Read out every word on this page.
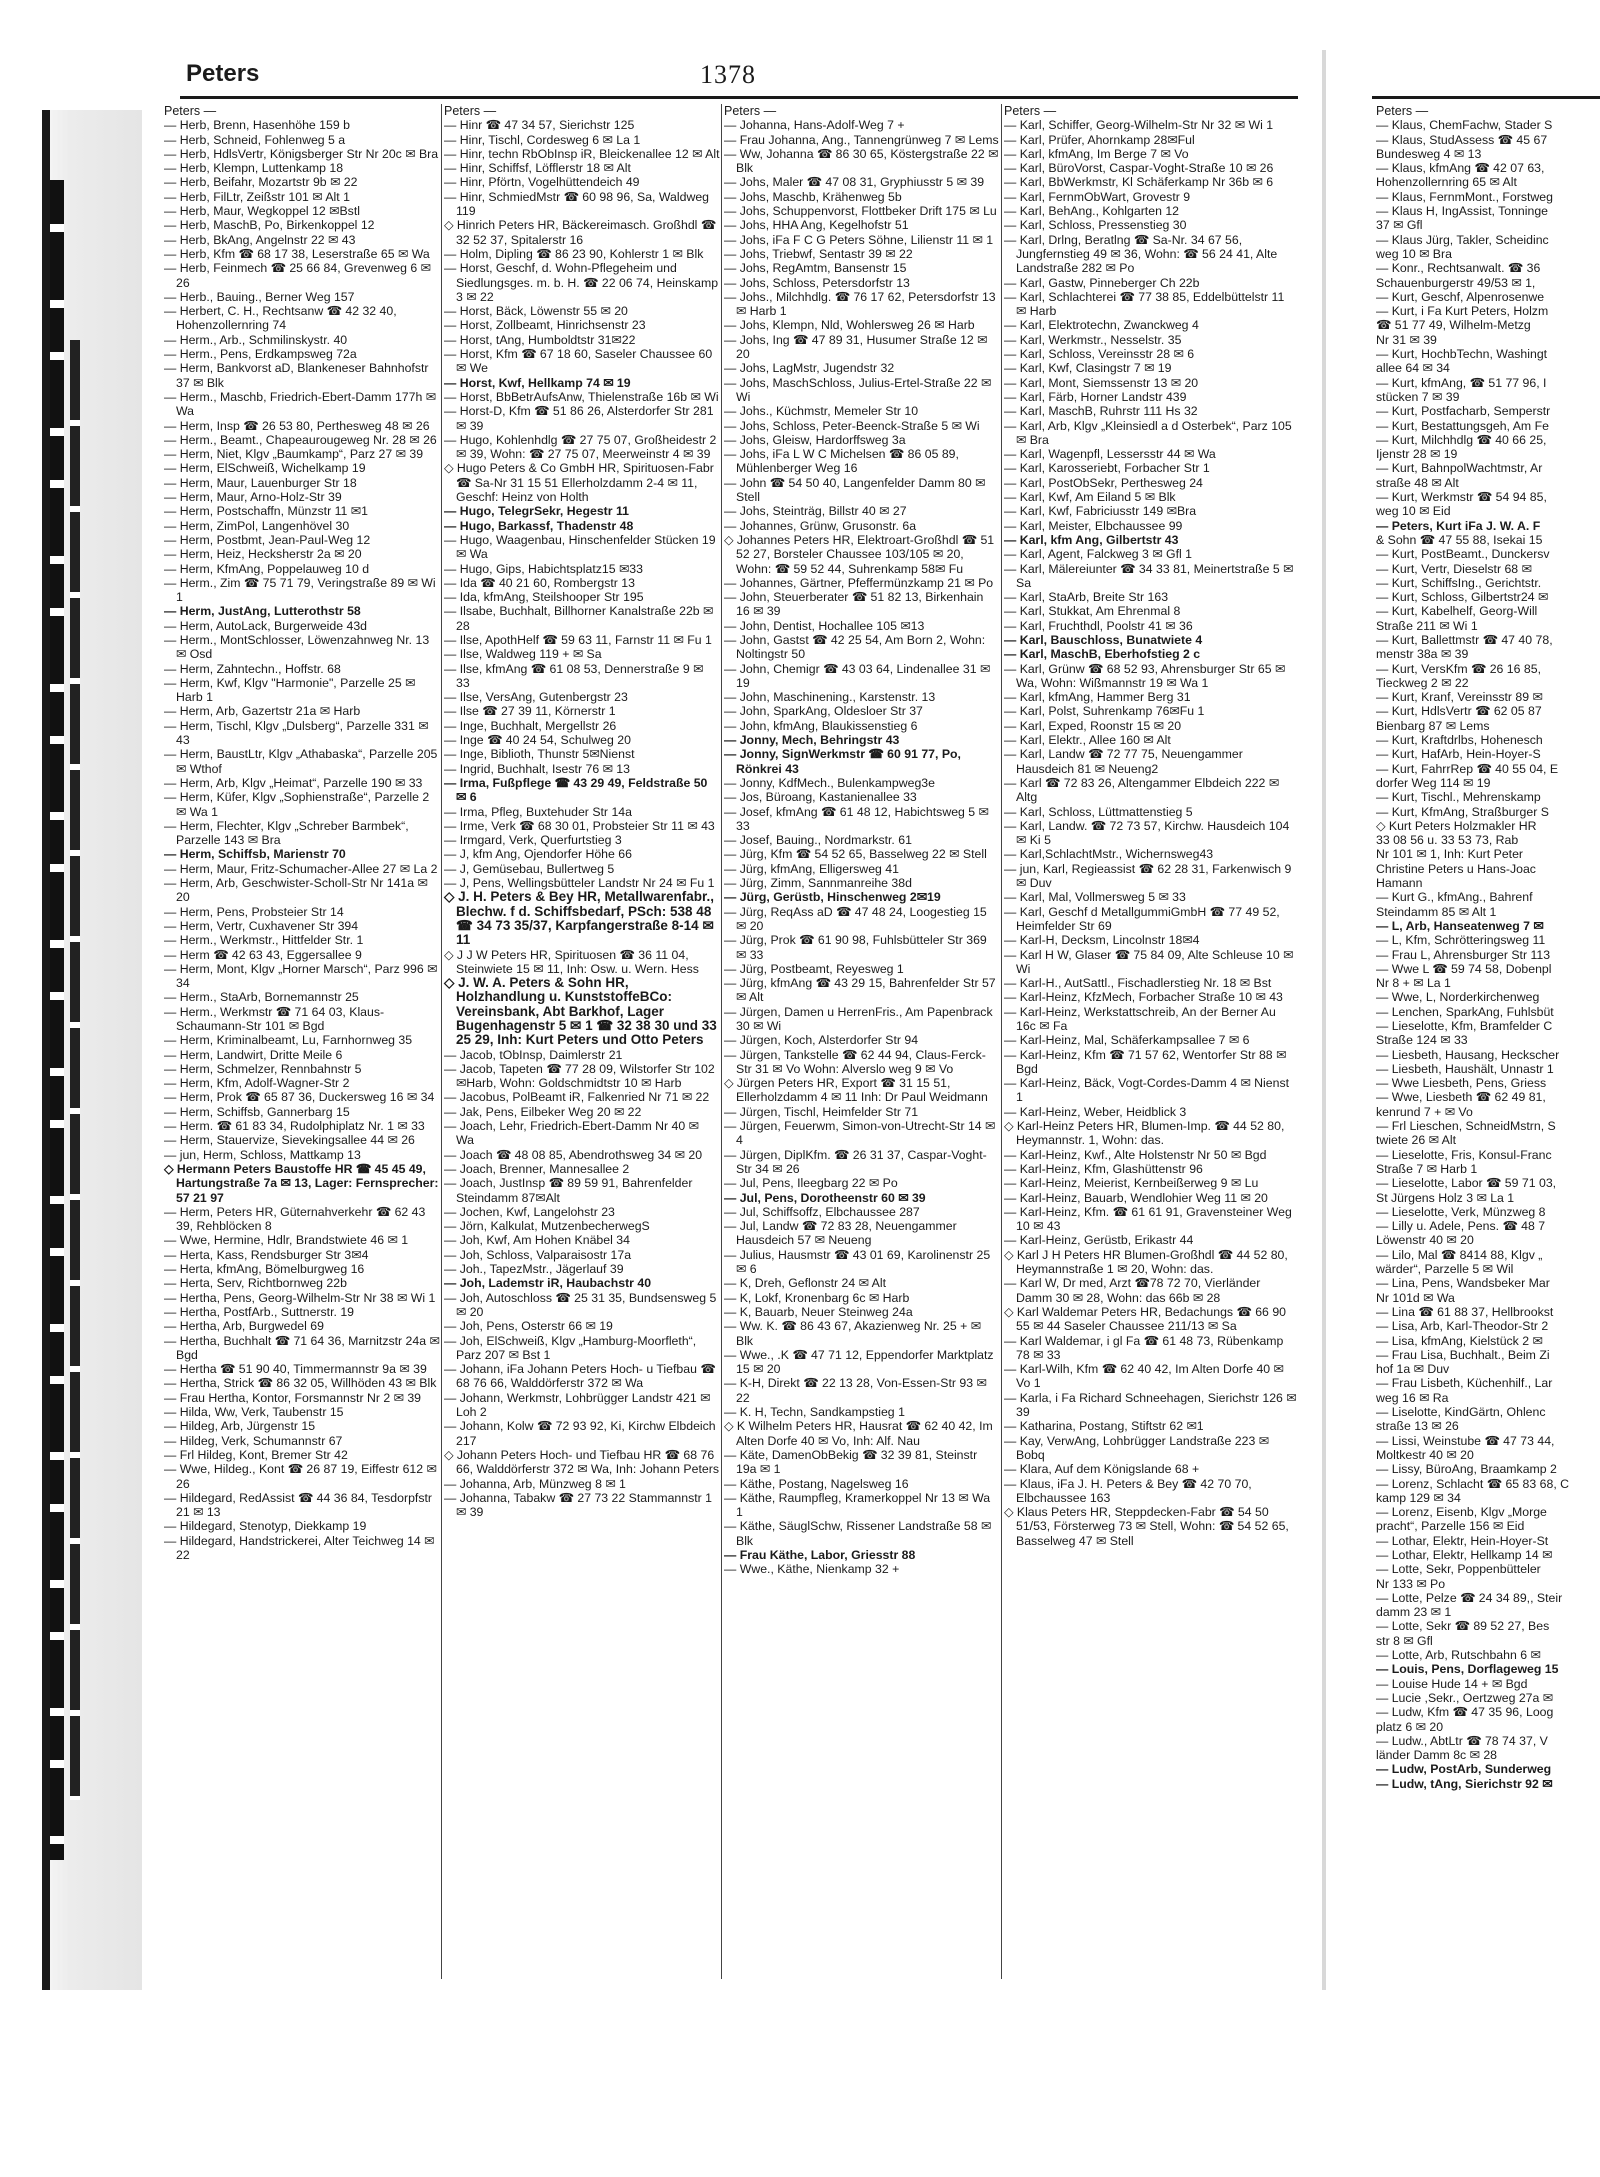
Peters	1378
Peters —
— Herb, Brenn, Hasenhöhe 159 b
— Herb, Schneid, Fohlenweg 5 a
— Herb, HdlsVertr, Königsberger Str Nr 20c ✉ Bra
— Herb, Klempn, Luttenkamp 18
— Herb, Beifahr, Mozartstr 9b ✉ 22
— Herb, FilLtr, Zeißstr 101 ✉ Alt 1
— Herb, Maur, Wegkoppel 12 ✉Bstl
— Herb, MaschB, Po, Birkenkoppel 12
— Herb, BkAng, Angelnstr 22 ✉ 43
— Herb, Kfm ☎ 68 17 38, Leserstraße 65 ✉ Wa
— Herb, Feinmech ☎ 25 66 84, Grevenweg 6 ✉ 26
— Herb., Bauing., Berner Weg 157
— Herbert, C. H., Rechtsanw ☎ 42 32 40, Hohenzollernring 74
— Herm., Arb., Schmilinskystr. 40
— Herm., Pens, Erdkampsweg 72a
— Herm, Bankvorst aD, Blankeneser Bahnhofstr 37 ✉ Blk
— Herm., Maschb, Friedrich-Ebert-Damm 177h ✉ Wa
— Herm, Insp ☎ 26 53 80, Perthesweg 48 ✉ 26
— Herm., Beamt., Chapeaurougeweg Nr. 28 ✉ 26
— Herm, Niet, Klgv „Baumkamp“, Parz 27 ✉ 39
— Herm, ElSchweiß, Wichelkamp 19
— Herm, Maur, Lauenburger Str 18
— Herm, Maur, Arno-Holz-Str 39
— Herm, Postschaffn, Münzstr 11 ✉1
— Herm, ZimPol, Langenhövel 30
— Herm, Postbmt, Jean-Paul-Weg 12
— Herm, Heiz, Hecksherstr 2a ✉ 20
— Herm, KfmAng, Poppelauweg 10 d
— Herm., Zim ☎ 75 71 79, Veringstraße 89 ✉ Wi 1
— Herm, JustAng, Lutterothstr 58
— Herm, AutoLack, Burgerweide 43d
— Herm., MontSchlosser, Löwenzahnweg Nr. 13 ✉ Osd
— Herm, Zahntechn., Hoffstr. 68
— Herm, Kwf, Klgv "Harmonie", Parzelle 25 ✉ Harb 1
— Herm, Arb, Gazertstr 21a ✉ Harb
— Herm, Tischl, Klgv „Dulsberg“, Parzelle 331 ✉ 43
— Herm, BaustLtr, Klgv „Athabaska“, Parzelle 205 ✉ Wthof
— Herm, Arb, Klgv „Heimat“, Parzelle 190 ✉ 33
— Herm, Küfer, Klgv „Sophienstraße“, Parzelle 2 ✉ Wa 1
— Herm, Flechter, Klgv „Schreber Barmbek“, Parzelle 143 ✉ Bra
— Herm, Schiffsb, Marienstr 70
— Herm, Maur, Fritz-Schumacher-Allee 27 ✉ La 2
— Herm, Arb, Geschwister-Scholl-Str Nr 141a ✉ 20
— Herm, Pens, Probsteier Str 14
— Herm, Vertr, Cuxhavener Str 394
— Herm., Werkmstr., Hittfelder Str. 1
— Herm ☎ 42 63 43, Eggersallee 9
— Herm, Mont, Klgv „Horner Marsch“, Parz 996 ✉ 34
— Herm., StaArb, Bornemannstr 25
— Herm., Werkmstr ☎ 71 64 03, Klaus-Schaumann-Str 101 ✉ Bgd
— Herm, Kriminalbeamt, Lu, Farnhornweg 35
— Herm, Landwirt, Dritte Meile 6
— Herm, Schmelzer, Rennbahnstr 5
— Herm, Kfm, Adolf-Wagner-Str 2
— Herm, Prok ☎ 65 87 36, Duckersweg 16 ✉ 34
— Herm, Schiffsb, Gannerbarg 15
— Herm. ☎ 61 83 34, Rudolphiplatz Nr. 1 ✉ 33
— Herm, Stauervize, Sievekingsallee 44 ✉ 26
— jun, Herm, Schloss, Mattkamp 13
◇ Hermann Peters Baustoffe HR ☎ 45 45 49, Hartungstraße 7a ✉ 13, Lager: Fernsprecher: 57 21 97
— Herm, Peters HR, Güternahverkehr ☎ 62 43 39, Rehblöcken 8
— Wwe, Hermine, Hdlr, Brandstwiete 46 ✉ 1
— Herta, Kass, Rendsburger Str 3✉4
— Herta, kfmAng, Bömelburgweg 16
— Herta, Serv, Richtbornweg 22b
— Hertha, Pens, Georg-Wilhelm-Str Nr 38 ✉ Wi 1
— Hertha, PostfArb., Suttnerstr. 19
— Hertha, Arb, Burgwedel 69
— Hertha, Buchhalt ☎ 71 64 36, Marnitzstr 24a ✉ Bgd
— Hertha ☎ 51 90 40, Timmermannstr 9a ✉ 39
— Hertha, Strick ☎ 86 32 05, Willhöden 43 ✉ Blk
— Frau Hertha, Kontor, Forsmannstr Nr 2 ✉ 39
— Hilda, Ww, Verk, Taubenstr 15
— Hildeg, Arb, Jürgenstr 15
— Hildeg, Verk, Schumannstr 67
— Frl Hildeg, Kont, Bremer Str 42
— Wwe, Hildeg., Kont ☎ 26 87 19, Eiffestr 612 ✉ 26
— Hildegard, RedAssist ☎ 44 36 84, Tesdorpfstr 21 ✉ 13
— Hildegard, Stenotyp, Diekkamp 19
— Hildegard, Handstrickerei, Alter Teichweg 14 ✉ 22
Peters —
— Hinr ☎ 47 34 57, Sierichstr 125
— Hinr, Tischl, Cordesweg 6 ✉ La 1
— Hinr, techn RbObInsp iR, Bleickenallee 12 ✉ Alt
— Hinr, Schiffsf, Löfflerstr 18 ✉ Alt
— Hinr, Pförtn, Vogelhüttendeich 49
— Hinr, SchmiedMstr ☎ 60 98 96, Sa, Waldweg 119
◇ Hinrich Peters HR, Bäckereimasch. Großhdl ☎ 32 52 37, Spitalerstr 16
— Holm, Dipling ☎ 86 23 90, Kohlerstr 1 ✉ Blk
— Horst, Geschf, d. Wohn-Pflegeheim und Siedlungsges. m. b. H. ☎ 22 06 74, Heinskamp 3 ✉ 22
— Horst, Bäck, Löwenstr 55 ✉ 20
— Horst, Zollbeamt, Hinrichsenstr 23
— Horst, tAng, Humboldtstr 31✉22
— Horst, Kfm ☎ 67 18 60, Saseler Chaussee 60 ✉ We
— Horst, Kwf, Hellkamp 74 ✉ 19
— Horst, BbBetrAufsAnw, Thielenstraße 16b ✉ Wi
— Horst-D, Kfm ☎ 51 86 26, Alsterdorfer Str 281 ✉ 39
— Hugo, Kohlenhdlg ☎ 27 75 07, Großheidestr 2 ✉ 39, Wohn: ☎ 27 75 07, Meerweinstr 4 ✉ 39
◇ Hugo Peters & Co GmbH HR, Spirituosen-Fabr ☎ Sa-Nr 31 15 51 Ellerholzdamm 2-4 ✉ 11, Geschf: Heinz von Holth
— Hugo, TelegrSekr, Hegestr 11
— Hugo, Barkassf, Thadenstr 48
— Hugo, Waagenbau, Hinschenfelder Stücken 19 ✉ Wa
— Hugo, Gips, Habichtsplatz15 ✉33
— Ida ☎ 40 21 60, Rombergstr 13
— Ida, kfmAng, Steilshooper Str 195
— Ilsabe, Buchhalt, Billhorner Kanalstraße 22b ✉ 28
— Ilse, ApothHelf ☎ 59 63 11, Farnstr 11 ✉ Fu 1
— Ilse, Waldweg 119 + ✉ Sa
— Ilse, kfmAng ☎ 61 08 53, Dennerstraße 9 ✉ 33
— Ilse, VersAng, Gutenbergstr 23
— Ilse ☎ 27 39 11, Körnerstr 1
— Inge, Buchhalt, Mergellstr 26
— Inge ☎ 40 24 54, Schulweg 20
— Inge, Biblioth, Thunstr 5✉Nienst
— Ingrid, Buchhalt, Isestr 76 ✉ 13
— Irma, Fußpflege ☎ 43 29 49, Feldstraße 50 ✉ 6
— Irma, Pfleg, Buxtehuder Str 14a
— Irme, Verk ☎ 68 30 01, Probsteier Str 11 ✉ 43
— Irmgard, Verk, Querfurtstieg 3
— J, kfm Ang, Ojendorfer Höhe 66
— J, Gemüsebau, Bullertweg 5
— J, Pens, Wellingsbütteler Landstr Nr 24 ✉ Fu 1
◇ J. H. Peters & Bey HR, Metallwarenfabr., Blechw. f d. Schiffsbedarf, PSch: 538 48 ☎ 34 73 35/37, Karpfangerstraße 8-14 ✉ 11
◇ J J W Peters HR, Spirituosen ☎ 36 11 04, Steinwiete 15 ✉ 11, Inh: Osw. u. Wern. Hess
◇ J. W. A. Peters & Sohn HR, Holzhandlung u. KunststoffeBCo: Vereinsbank, Abt Barkhof, Lager Bugenhagenstr 5 ✉ 1 ☎ 32 38 30 und 33 25 29, Inh: Kurt Peters und Otto Peters
— Jacob, tObInsp, Daimlerstr 21
— Jacob, Tapeten ☎ 77 28 09, Wilstorfer Str 102✉Harb, Wohn: Goldschmidtstr 10 ✉ Harb
— Jacobus, PolBeamt iR, Falkenried Nr 71 ✉ 22
— Jak, Pens, Eilbeker Weg 20 ✉ 22
— Joach, Lehr, Friedrich-Ebert-Damm Nr 40 ✉ Wa
— Joach ☎ 48 08 85, Abendrothsweg 34 ✉ 20
— Joach, Brenner, Mannesallee 2
— Joach, JustInsp ☎ 89 59 91, Bahrenfelder Steindamm 87✉Alt
— Jochen, Kwf, Langelohstr 23
— Jörn, Kalkulat, MutzenbecherwegS
— Joh, Kwf, Am Hohen Knäbel 34
— Joh, Schloss, Valparaisostr 17a
— Joh., TapezMstr., Jägerlauf 39
— Joh, Lademstr iR, Haubachstr 40
— Joh, Autoschloss ☎ 25 31 35, Bundsensweg 5 ✉ 20
— Joh, Pens, Osterstr 66 ✉ 19
— Joh, ElSchweiß, Klgv „Hamburg-Moorfleth“, Parz 207 ✉ Bst 1
— Johann, iFa Johann Peters Hoch- u Tiefbau ☎ 68 76 66, Walddörferstr 372 ✉ Wa
— Johann, Werkmstr, Lohbrügger Landstr 421 ✉ Loh 2
— Johann, Kolw ☎ 72 93 92, Ki, Kirchw Elbdeich 217
◇ Johann Peters Hoch- und Tiefbau HR ☎ 68 76 66, Walddörferstr 372 ✉ Wa, Inh: Johann Peters
— Johanna, Arb, Münzweg 8 ✉ 1
— Johanna, Tabakw ☎ 27 73 22 Stammannstr 1 ✉ 39
Peters —
— Johanna, Hans-Adolf-Weg 7 +
— Frau Johanna, Ang., Tannengrünweg 7 ✉ Lems
— Ww, Johanna ☎ 86 30 65, Köstergstraße 22 ✉ Blk
— Johs, Maler ☎ 47 08 31, Gryphiusstr 5 ✉ 39
— Johs, Maschb, Krähenweg 5b
— Johs, Schuppenvorst, Flottbeker Drift 175 ✉ Lu
— Johs, HHA Ang, Kegelhofstr 51
— Johs, iFa F C G Peters Söhne, Lilienstr 11 ✉ 1
— Johs, Triebwf, Sentastr 39 ✉ 22
— Johs, RegAmtm, Bansenstr 15
— Johs, Schloss, Petersdorfstr 13
— Johs., Milchhdlg. ☎ 76 17 62, Petersdorfstr 13 ✉ Harb 1
— Johs, Klempn, Nld, Wohlersweg 26 ✉ Harb
— Johs, Ing ☎ 47 89 31, Husumer Straße 12 ✉ 20
— Johs, LagMstr, Jugendstr 32
— Johs, MaschSchloss, Julius-Ertel-Straße 22 ✉ Wi
— Johs., Küchmstr, Memeler Str 10
— Johs, Schloss, Peter-Beenck-Straße 5 ✉ Wi
— Johs, Gleisw, Hardorffsweg 3a
— Johs, iFa L W C Michelsen ☎ 86 05 89, Mühlenberger Weg 16
— John ☎ 54 50 40, Langenfelder Damm 80 ✉ Stell
— Johs, Steinträg, Billstr 40 ✉ 27
— Johannes, Grünw, Grusonstr. 6a
◇ Johannes Peters HR, Elektroart-Großhdl ☎ 51 52 27, Borsteler Chaussee 103/105 ✉ 20, Wohn: ☎ 59 52 44, Suhrenkamp 58✉ Fu
— Johannes, Gärtner, Pfeffermünzkamp 21 ✉ Po
— John, Steuerberater ☎ 51 82 13, Birkenhain 16 ✉ 39
— John, Dentist, Hochallee 105 ✉13
— John, Gastst ☎ 42 25 54, Am Born 2, Wohn: Noltingstr 50
— John, Chemigr ☎ 43 03 64, Lindenallee 31 ✉ 19
— John, Maschinening., Karstenstr. 13
— John, SparkAng, Oldesloer Str 37
— John, kfmAng, Blaukissenstieg 6
— Jonny, Mech, Behringstr 43
— Jonny, SignWerkmstr ☎ 60 91 77, Po, Rönkrei 43
— Jonny, KdfMech., Bulenkampweg3e
— Jos, Büroang, Kastanienallee 33
— Josef, kfmAng ☎ 61 48 12, Habichtsweg 5 ✉ 33
— Josef, Bauing., Nordmarkstr. 61
— Jürg, Kfm ☎ 54 52 65, Basselweg 22 ✉ Stell
— Jürg, kfmAng, Elligersweg 41
— Jürg, Zimm, Sannmanreihe 38d
— Jürg, Gerüstb, Hinschenweg 2✉19
— Jürg, ReqAss aD ☎ 47 48 24, Loogestieg 15 ✉ 20
— Jürg, Prok ☎ 61 90 98, Fuhlsbütteler Str 369 ✉ 33
— Jürg, Postbeamt, Reyesweg 1
— Jürg, kfmAng ☎ 43 29 15, Bahrenfelder Str 57 ✉ Alt
— Jürgen, Damen u HerrenFris., Am Papenbrack 30 ✉ Wi
— Jürgen, Koch, Alsterdorfer Str 94
— Jürgen, Tankstelle ☎ 62 44 94, Claus-Ferck-Str 31 ✉ Vo Wohn: Alverslo weg 9 ✉ Vo
◇ Jürgen Peters HR, Export ☎ 31 15 51, Ellerholzdamm 4 ✉ 11 Inh: Dr Paul Weidmann
— Jürgen, Tischl, Heimfelder Str 71
— Jürgen, Feuerwm, Simon-von-Utrecht-Str 14 ✉ 4
— Jürgen, DiplKfm. ☎ 26 31 37, Caspar-Voght-Str 34 ✉ 26
— Jul, Pens, Ileegbarg 22 ✉ Po
— Jul, Pens, Dorotheenstr 60 ✉ 39
— Jul, Schiffsoffz, Elbchaussee 287
— Jul, Landw ☎ 72 83 28, Neuengammer Hausdeich 57 ✉ Neueng
— Julius, Hausmstr ☎ 43 01 69, Karolinenstr 25 ✉ 6
— K, Dreh, Geflonstr 24 ✉ Alt
— K, Lokf, Kronenbarg 6c ✉ Harb
— K, Bauarb, Neuer Steinweg 24a
— Ww. K. ☎ 86 43 67, Akazienweg Nr. 25 + ✉ Blk
— Wwe., .K ☎ 47 71 12, Eppendorfer Marktplatz 15 ✉ 20
— K-H, Direkt ☎ 22 13 28, Von-Essen-Str 93 ✉ 22
— K. H, Techn, Sandkampstieg 1
◇ K Wilhelm Peters HR, Hausrat ☎ 62 40 42, Im Alten Dorfe 40 ✉ Vo, Inh: Alf. Nau
— Käte, DamenObBekig ☎ 32 39 81, Steinstr 19a ✉ 1
— Käthe, Postang, Nagelsweg 16
— Käthe, Raumpfleg, Kramerkoppel Nr 13 ✉ Wa 1
— Käthe, SäuglSchw, Rissener Landstraße 58 ✉ Blk
— Frau Käthe, Labor, Griesstr 88
— Wwe., Käthe, Nienkamp 32 +
Peters —
— Karl, Schiffer, Georg-Wilhelm-Str Nr 32 ✉ Wi 1
— Karl, Prüfer, Ahornkamp 28✉Ful
— Karl, kfmAng, Im Berge 7 ✉ Vo
— Karl, BüroVorst, Caspar-Voght-Straße 10 ✉ 26
— Karl, BbWerkmstr, Kl Schäferkamp Nr 36b ✉ 6
— Karl, FernmObWart, Grovestr 9
— Karl, BehAng., Kohlgarten 12
— Karl, Schloss, Pressenstieg 30
— Karl, Drlng, Beratlng ☎ Sa-Nr. 34 67 56, Jungfernstieg 49 ✉ 36, Wohn: ☎ 56 24 41, Alte Landstraße 282 ✉ Po
— Karl, Gastw, Pinneberger Ch 22b
— Karl, Schlachterei ☎ 77 38 85, Eddelbüttelstr 11 ✉ Harb
— Karl, Elektrotechn, Zwanckweg 4
— Karl, Werkmstr., Nesselstr. 35
— Karl, Schloss, Vereinsstr 28 ✉ 6
— Karl, Kwf, Clasingstr 7 ✉ 19
— Karl, Mont, Siemssenstr 13 ✉ 20
— Karl, Färb, Horner Landstr 439
— Karl, MaschB, Ruhrstr 111 Hs 32
— Karl, Arb, Klgv „Kleinsiedl a d Osterbek“, Parz 105 ✉ Bra
— Karl, Wagenpfl, Lessersstr 44 ✉ Wa
— Karl, Karosseriebt, Forbacher Str 1
— Karl, PostObSekr, Perthesweg 24
— Karl, Kwf, Am Eiland 5 ✉ Blk
— Karl, Kwf, Fabriciusstr 149 ✉Bra
— Karl, Meister, Elbchaussee 99
— Karl, kfm Ang, Gilbertstr 43
— Karl, Agent, Falckweg 3 ✉ Gfl 1
— Karl, Mälereiunter ☎ 34 33 81, Meinertstraße 5 ✉ Sa
— Karl, StaArb, Breite Str 163
— Karl, Stukkat, Am Ehrenmal 8
— Karl, Fruchthdl, Poolstr 41 ✉ 36
— Karl, Bauschloss, Bunatwiete 4
— Karl, MaschB, Eberhofstieg 2 c
— Karl, Grünw ☎ 68 52 93, Ahrensburger Str 65 ✉ Wa, Wohn: Wißmannstr 19 ✉ Wa 1
— Karl, kfmAng, Hammer Berg 31
— Karl, Polst, Suhrenkamp 76✉Fu 1
— Karl, Exped, Roonstr 15 ✉ 20
— Karl, Elektr., Allee 160 ✉ Alt
— Karl, Landw ☎ 72 77 75, Neuengammer Hausdeich 81 ✉ Neueng2
— Karl ☎ 72 83 26, Altengammer Elbdeich 222 ✉ Altg
— Karl, Schloss, Lüttmattenstieg 5
— Karl, Landw. ☎ 72 73 57, Kirchw. Hausdeich 104 ✉ Ki 5
— Karl,SchlachtMstr., Wichernsweg43
— jun, Karl, Regieassist ☎ 62 28 31, Farkenwisch 9 ✉ Duv
— Karl, Mal, Vollmersweg 5 ✉ 33
— Karl, Geschf d MetallgummiGmbH ☎ 77 49 52, Heimfelder Str 69
— Karl-H, Decksm, Lincolnstr 18✉4
— Karl H W, Glaser ☎ 75 84 09, Alte Schleuse 10 ✉ Wi
— Karl-H., AutSattl., Fischadlerstieg Nr. 18 ✉ Bst
— Karl-Heinz, KfzMech, Forbacher Straße 10 ✉ 43
— Karl-Heinz, Werkstattschreib, An der Berner Au 16c ✉ Fa
— Karl-Heinz, Mal, Schäferkampsallee 7 ✉ 6
— Karl-Heinz, Kfm ☎ 71 57 62, Wentorfer Str 88 ✉ Bgd
— Karl-Heinz, Bäck, Vogt-Cordes-Damm 4 ✉ Nienst 1
— Karl-Heinz, Weber, Heidblick 3
◇ Karl-Heinz Peters HR, Blumen-Imp. ☎ 44 52 80, Heymannstr. 1, Wohn: das.
— Karl-Heinz, Kwf., Alte Holstenstr Nr 50 ✉ Bgd
— Karl-Heinz, Kfm, Glashüttenstr 96
— Karl-Heinz, Meierist, Kernbeißerweg 9 ✉ Lu
— Karl-Heinz, Bauarb, Wendlohier Weg 11 ✉ 20
— Karl-Heinz, Kfm. ☎ 61 61 91, Gravensteiner Weg 10 ✉ 43
— Karl-Heinz, Gerüstb, Erikastr 44
◇ Karl J H Peters HR Blumen-Großhdl ☎ 44 52 80, Heymannstraße 1 ✉ 20, Wohn: das.
— Karl W, Dr med, Arzt ☎78 72 70, Vierländer Damm 30 ✉ 28, Wohn: das 66b ✉ 28
◇ Karl Waldemar Peters HR, Bedachungs ☎ 66 90 55 ✉ 44 Saseler Chaussee 211/13 ✉ Sa
— Karl Waldemar, i gl Fa ☎ 61 48 73, Rübenkamp 78 ✉ 33
— Karl-Wilh, Kfm ☎ 62 40 42, Im Alten Dorfe 40 ✉ Vo 1
— Karla, i Fa Richard Schneehagen, Sierichstr 126 ✉ 39
— Katharina, Postang, Stiftstr 62 ✉1
— Kay, VerwAng, Lohbrügger Landstraße 223 ✉ Bobq
— Klara, Auf dem Königslande 68 +
— Klaus, iFa J. H. Peters & Bey ☎ 42 70 70, Elbchaussee 163
◇ Klaus Peters HR, Steppdecken-Fabr ☎ 54 50 51/53, Försterweg 73 ✉ Stell, Wohn: ☎ 54 52 65, Basselweg 47 ✉ Stell
Peters —
— Klaus, ChemFachw, Stader S
— Klaus, StudAssess ☎ 45 67
Bundesweg 4 ✉ 13
— Klaus, kfmAng ☎ 42 07 63,
Hohenzollernring 65 ✉ Alt
— Klaus, FernmMont., Forstweg
— Klaus H, IngAssist, Tonninge
37 ✉ Gfl
— Klaus Jürg, Takler, Scheidinc
weg 10 ✉ Bra
— Konr., Rechtsanwalt. ☎ 36
Schauenburgerstr 49/53 ✉ 1,
— Kurt, Geschf, Alpenrosenwe
— Kurt, i Fa Kurt Peters, Holzm
☎ 51 77 49, Wilhelm-Metzg
Nr 31 ✉ 39
— Kurt, HochbTechn, Washingt
allee 64 ✉ 34
— Kurt, kfmAng, ☎ 51 77 96, I
stücken 7 ✉ 39
— Kurt, Postfacharb, Semperstr
— Kurt, Bestattungsgeh, Am Fe
— Kurt, Milchhdlg ☎ 40 66 25,
Ijenstr 28 ✉ 19
— Kurt, BahnpolWachtmstr, Ar
straße 48 ✉ Alt
— Kurt, Werkmstr ☎ 54 94 85,
weg 10 ✉ Eid
— Peters, Kurt iFa J. W. A. F
& Sohn ☎ 47 55 88, Isekai 15
— Kurt, PostBeamt., Dunckersv
— Kurt, Vertr, Dieselstr 68 ✉
— Kurt, SchiffsIng., Gerichtstr.
— Kurt, Schloss, Gilbertstr24 ✉
— Kurt, Kabelhelf, Georg-Will
Straße 211 ✉ Wi 1
— Kurt, Ballettmstr ☎ 47 40 78,
menstr 38a ✉ 39
— Kurt, VersKfm ☎ 26 16 85,
Tieckweg 2 ✉ 22
— Kurt, Kranf, Vereinsstr 89 ✉
— Kurt, HdlsVertr ☎ 62 05 87
Bienbarg 87 ✉ Lems
— Kurt, Kraftdrlbs, Hohenesch
— Kurt, HafArb, Hein-Hoyer-S
— Kurt, FahrrRep ☎ 40 55 04, E
dorfer Weg 114 ✉ 19
— Kurt, Tischl., Mehrenskamp
— Kurt, KfmAng, Straßburger S
◇ Kurt Peters Holzmakler HR
33 08 56 u. 33 53 73, Rab
Nr 101 ✉ 1, Inh: Kurt Peter
Christine Peters u Hans-Joac
Hamann
— Kurt G., kfmAng., Bahrenf
Steindamm 85 ✉ Alt 1
— L, Arb, Hanseatenweg 7 ✉
— L, Kfm, Schrötteringsweg 11
— Frau L, Ahrensburger Str 113
— Wwe L ☎ 59 74 58, Dobenpl
Nr 8 + ✉ La 1
— Wwe, L, Norderkirchenweg
— Lenchen, SparkAng, Fuhlsbüt
— Lieselotte, Kfm, Bramfelder C
Straße 124 ✉ 33
— Liesbeth, Hausang, Heckscher
— Liesbeth, Haushält, Unnastr 1
— Wwe Liesbeth, Pens, Griess
— Wwe, Liesbeth ☎ 62 49 81,
kenrund 7 + ✉ Vo
— Frl Lieschen, SchneidMstrn, S
twiete 26 ✉ Alt
— Lieselotte, Fris, Konsul-Franc
Straße 7 ✉ Harb 1
— Lieselotte, Labor ☎ 59 71 03,
St Jürgens Holz 3 ✉ La 1
— Lieselotte, Verk, Münzweg 8
— Lilly u. Adele, Pens. ☎ 48 7
Löwenstr 40 ✉ 20
— Lilo, Mal ☎ 8414 88, Klgv „
wärder“, Parzelle 5 ✉ Wil
— Lina, Pens, Wandsbeker Mar
Nr 101d ✉ Wa
— Lina ☎ 61 88 37, Hellbrookst
— Lisa, Arb, Karl-Theodor-Str 2
— Lisa, kfmAng, Kielstück 2 ✉
— Frau Lisa, Buchhalt., Beim Zi
hof 1a ✉ Duv
— Frau Lisbeth, Küchenhilf., Lar
weg 16 ✉ Ra
— Liselotte, KindGärtn, Ohlenc
straße 13 ✉ 26
— Lissi, Weinstube ☎ 47 73 44,
Moltkestr 40 ✉ 20
— Lissy, BüroAng, Braamkamp 2
— Lorenz, Schlacht ☎ 65 83 68, C
kamp 129 ✉ 34
— Lorenz, Eisenb, Klgv „Morge
pracht“, Parzelle 156 ✉ Eid
— Lothar, Elektr, Hein-Hoyer-St
— Lothar, Elektr, Hellkamp 14 ✉
— Lotte, Sekr, Poppenbütteler
Nr 133 ✉ Po
— Lotte, Pelze ☎ 24 34 89,, Steir
damm 23 ✉ 1
— Lotte, Sekr ☎ 89 52 27, Bes
str 8 ✉ Gfl
— Lotte, Arb, Rutschbahn 6 ✉
— Louis, Pens, Dorflageweg 15
— Louise Hude 14 + ✉ Bgd
— Lucie ,Sekr., Oertzweg 27a ✉
— Ludw, Kfm ☎ 47 35 96, Loog
platz 6 ✉ 20
— Ludw., AbtLtr ☎ 78 74 37, V
länder Damm 8c ✉ 28
— Ludw, PostArb, Sunderweg
— Ludw, tAng, Sierichstr 92 ✉
